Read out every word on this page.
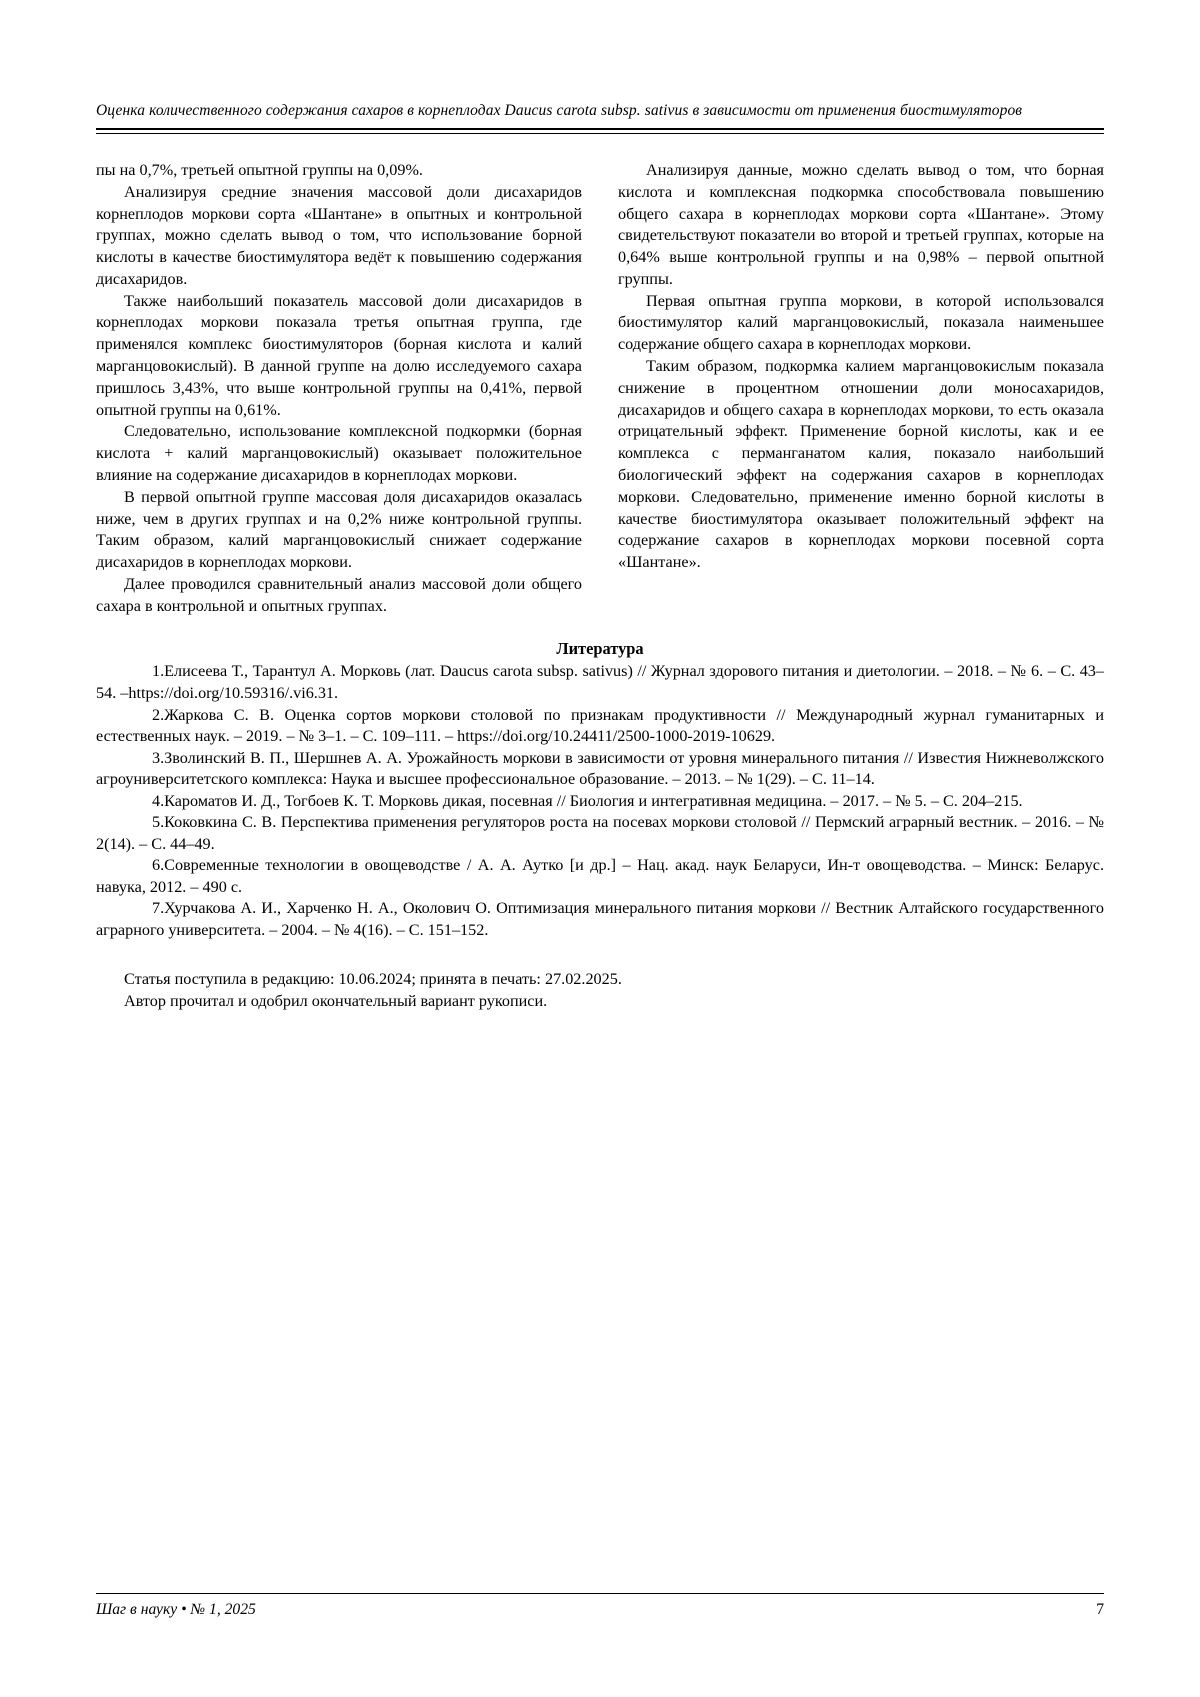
Оценка количественного содержания сахаров в корнеплодах Daucus carota subsp. sativus в зависимости от применения биостимуляторов

пы на 0,7%, третьей опытной группы на 0,09%.

Анализируя средние значения массовой доли дисахаридов корнеплодов моркови сорта «Шантане» в опытных и контрольной группах, можно сделать вывод о том, что использование борной кислоты в качестве биостимулятора ведёт к повышению содержания дисахаридов.

Также наибольший показатель массовой доли дисахаридов в корнеплодах моркови показала третья опытная группа, где применялся комплекс биостимуляторов (борная кислота и калий марганцовокислый). В данной группе на долю исследуемого сахара пришлось 3,43%, что выше контрольной группы на 0,41%, первой опытной группы на 0,61%.

Следовательно, использование комплексной подкормки (борная кислота + калий марганцовокислый) оказывает положительное влияние на содержание дисахаридов в корнеплодах моркови.

В первой опытной группе массовая доля дисахаридов оказалась ниже, чем в других группах и на 0,2% ниже контрольной группы. Таким образом, калий марганцовокислый снижает содержание дисахаридов в корнеплодах моркови.

Далее проводился сравнительный анализ массовой доли общего сахара в контрольной и опытных группах.

Анализируя данные, можно сделать вывод о том, что борная кислота и комплексная подкормка способствовала повышению общего сахара в корнеплодах моркови сорта «Шантане». Этому свидетельствуют показатели во второй и третьей группах, которые на 0,64% выше контрольной группы и на 0,98% – первой опытной группы.

Первая опытная группа моркови, в которой использовался биостимулятор калий марганцовокислый, показала наименьшее содержание общего сахара в корнеплодах моркови.

Таким образом, подкормка калием марганцовокислым показала снижение в процентном отношении доли моносахаридов, дисахаридов и общего сахара в корнеплодах моркови, то есть оказала отрицательный эффект. Применение борной кислоты, как и ее комплекса с перманганатом калия, показало наибольший биологический эффект на содержания сахаров в корнеплодах моркови. Следовательно, применение именно борной кислоты в качестве биостимулятора оказывает положительный эффект на содержание сахаров в корнеплодах моркови посевной сорта «Шантане».

Литература

1.Елисеева Т., Тарантул А. Морковь (лат. Daucus carota subsp. sativus) // Журнал здорового питания и диетологии. – 2018. – № 6. – С. 43–54. –https://doi.org/10.59316/.vi6.31.

2.Жаркова С. В. Оценка сортов моркови столовой по признакам продуктивности // Международный журнал гуманитарных и естественных наук. – 2019. – № 3–1. – С. 109–111. – https://doi.org/10.24411/2500-1000-2019-10629.

3.Зволинский В. П., Шершнев А. А. Урожайность моркови в зависимости от уровня минерального питания // Известия Нижневолжского агроуниверситетского комплекса: Наука и высшее профессиональное образование. – 2013. – № 1(29). – С. 11–14.

4.Кароматов И. Д., Тогбоев К. Т. Морковь дикая, посевная // Биология и интегративная медицина. – 2017. – № 5. – С. 204–215.

5.Коковкина С. В. Перспектива применения регуляторов роста на посевах моркови столовой // Пермский аграрный вестник. – 2016. – № 2(14). – С. 44–49.

6.Современные технологии в овощеводстве / А. А. Аутко [и др.] – Нац. акад. наук Беларуси, Ин-т овощеводства. – Минск: Беларус. навука, 2012. – 490 с.

7.Хурчакова А. И., Харченко Н. А., Околович О. Оптимизация минерального питания моркови // Вестник Алтайского государственного аграрного университета. – 2004. – № 4(16). – С. 151–152.

Статья поступила в редакцию: 10.06.2024; принята в печать: 27.02.2025.

Автор прочитал и одобрил окончательный вариант рукописи.

Шаг в науку • № 1, 2025	7
